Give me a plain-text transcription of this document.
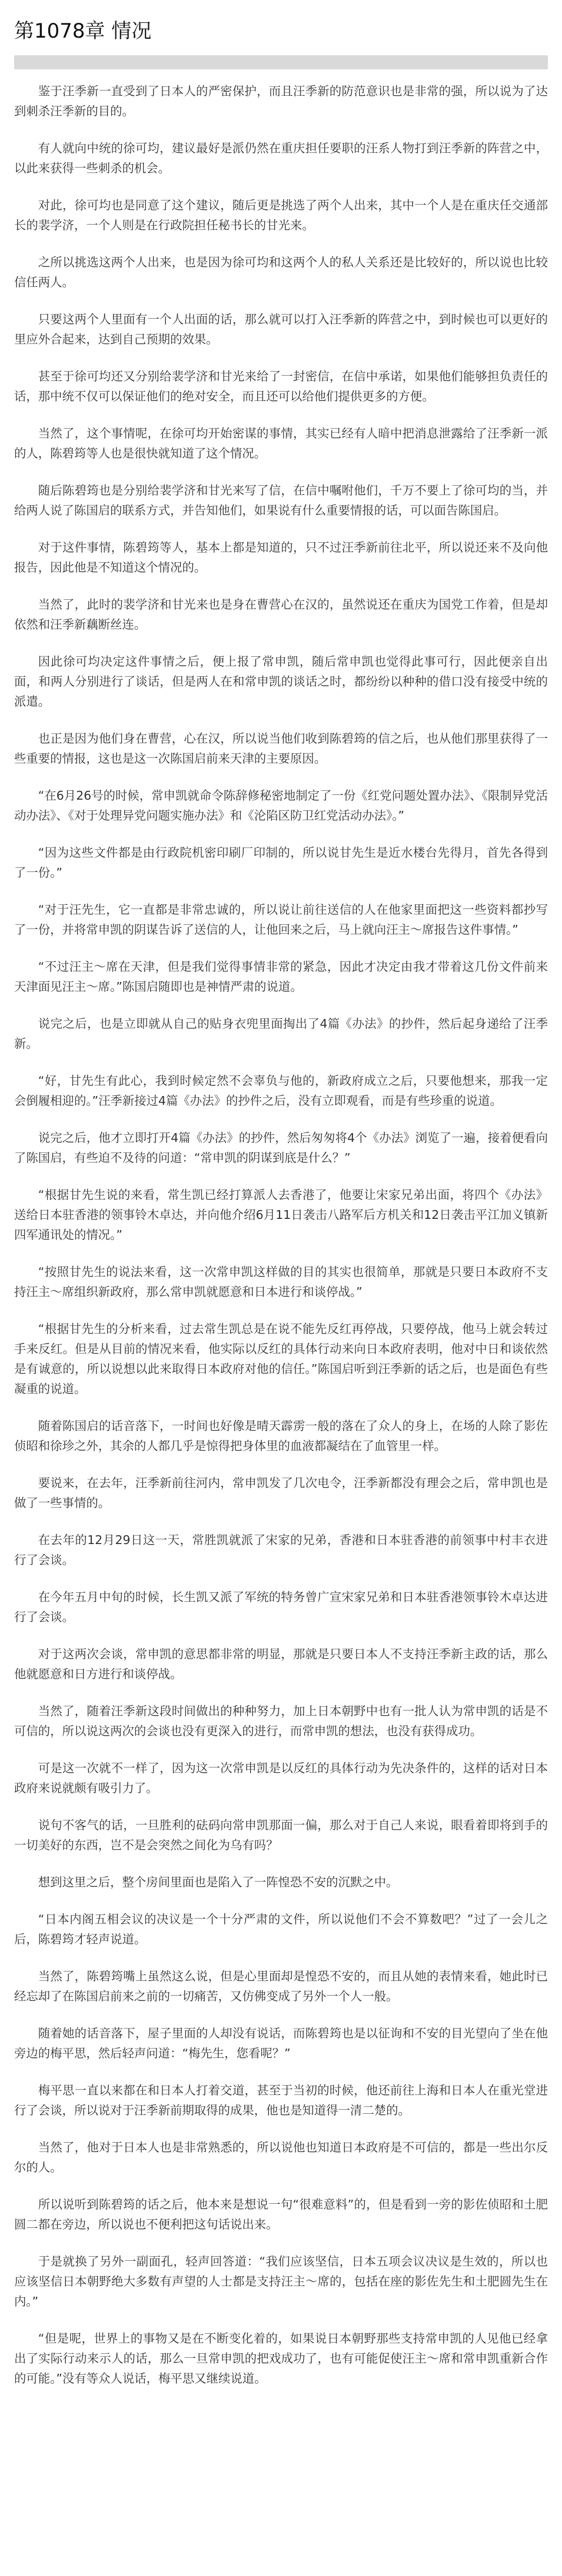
第1078章 情况

鉴于汪季新一直受到了日本人的严密保护，而且汪季新的防范意识也是非常的强，所以说为了达到刺杀汪季新的目的。

有人就向中统的徐可均，建议最好是派仍然在重庆担任要职的汪系人物打到汪季新的阵营之中，以此来获得一些刺杀的机会。

对此，徐可均也是同意了这个建议，随后更是挑选了两个人出来，其中一个人是在重庆任交通部长的裴学济，一个人则是在行政院担任秘书长的甘光来。

之所以挑选这两个人出来，也是因为徐可均和这两个人的私人关系还是比较好的，所以说也比较信任两人。

只要这两个人里面有一个人出面的话，那么就可以打入汪季新的阵营之中，到时候也可以更好的里应外合起来，达到自己预期的效果。

甚至于徐可均还又分别给裴学济和甘光来给了一封密信，在信中承诺，如果他们能够担负责任的话，那中统不仅可以保证他们的绝对安全，而且还可以给他们提供更多的方便。

当然了，这个事情呢，在徐可均开始密谋的事情，其实已经有人暗中把消息泄露给了汪季新一派的人，陈碧筠等人也是很快就知道了这个情况。

随后陈碧筠也是分别给裴学济和甘光来写了信，在信中嘱咐他们，千万不要上了徐可均的当，并给两人说了陈国启的联系方式，并告知他们，如果说有什么重要情报的话，可以面告陈国启。

对于这件事情，陈碧筠等人，基本上都是知道的，只不过汪季新前往北平，所以说还来不及向他报告，因此他是不知道这个情况的。

当然了，此时的裴学济和甘光来也是身在曹营心在汉的，虽然说还在重庆为国党工作着，但是却依然和汪季新藕断丝连。

因此徐可均决定这件事情之后，便上报了常申凯，随后常申凯也觉得此事可行，因此便亲自出面，和两人分别进行了谈话，但是两人在和常申凯的谈话之时，都纷纷以种种的借口没有接受中统的派遣。

也正是因为他们身在曹营，心在汉，所以说当他们收到陈碧筠的信之后，也从他们那里获得了一些重要的情报，这也是这一次陈国启前来天津的主要原因。

“在6月26号的时候，常申凯就命令陈辞修秘密地制定了一份《红党问题处置办法》、《限制异党活动办法》、《对于处理异党问题实施办法》和《沦陷区防卫红党活动办法》。”

“因为这些文件都是由行政院机密印刷厂印制的，所以说甘先生是近水楼台先得月，首先各得到了一份。”

“对于汪先生，它一直都是非常忠诚的，所以说让前往送信的人在他家里面把这一些资料都抄写了一份，并将常申凯的阴谋告诉了送信的人，让他回来之后，马上就向汪主～席报告这件事情。”

“不过汪主～席在天津，但是我们觉得事情非常的紧急，因此才决定由我才带着这几份文件前来天津面见汪主～席。”陈国启随即也是神情严肃的说道。

说完之后，也是立即就从自己的贴身衣兜里面掏出了4篇《办法》的抄件，然后起身递给了汪季新。

“好，甘先生有此心，我到时候定然不会辜负与他的，新政府成立之后，只要他想来，那我一定会倒履相迎的。”汪季新接过4篇《办法》的抄件之后，没有立即观看，而是有些珍重的说道。

说完之后，他才立即打开4篇《办法》的抄件，然后匆匆将4个《办法》浏览了一遍，接着便看向了陈国启，有些迫不及待的问道：“常申凯的阴谋到底是什么？”

“根据甘先生说的来看，常生凯已经打算派人去香港了，他要让宋家兄弟出面，将四个《办法》送给日本驻香港的领事铃木卓达，并向他介绍6月11日袭击八路军后方机关和12日袭击平江加义镇新四军通讯处的情况。”

“按照甘先生的说法来看，这一次常申凯这样做的目的其实也很简单，那就是只要日本政府不支持汪主～席组织新政府，那么常申凯就愿意和日本进行和谈停战。”

“根据甘先生的分析来看，过去常生凯总是在说不能先反红再停战，只要停战，他马上就会转过手来反红。但是从目前的情况来看，他实际以反红的具体行动来向日本政府表明，他对中日和谈依然是有诚意的，所以说想以此来取得日本政府对他的信任。”陈国启听到汪季新的话之后，也是面色有些凝重的说道。

随着陈国启的话音落下，一时间也好像是晴天霹雳一般的落在了众人的身上，在场的人除了影佐侦昭和徐珍之外，其余的人都几乎是惊得把身体里的血液都凝结在了血管里一样。

要说来，在去年，汪季新前往河内，常申凯发了几次电令，汪季新都没有理会之后，常申凯也是做了一些事情的。

在去年的12月29日这一天，常胜凯就派了宋家的兄弟，香港和日本驻香港的前领事中村丰衣进行了会谈。

在今年五月中旬的时候，长生凯又派了军统的特务曾广宣宋家兄弟和日本驻香港领事铃木卓达进行了会谈。

对于这两次会谈，常申凯的意思都非常的明显，那就是只要日本人不支持汪季新主政的话，那么他就愿意和日方进行和谈停战。

当然了，随着汪季新这段时间做出的种种努力，加上日本朝野中也有一批人认为常申凯的话是不可信的，所以说这两次的会谈也没有更深入的进行，而常申凯的想法，也没有获得成功。

可是这一次就不一样了，因为这一次常申凯是以反红的具体行动为先决条件的，这样的话对日本政府来说就颇有吸引力了。

说句不客气的话，一旦胜利的砝码向常申凯那面一偏，那么对于自己人来说，眼看着即将到手的一切美好的东西，岂不是会突然之间化为乌有吗？

想到这里之后，整个房间里面也是陷入了一阵惶恐不安的沉默之中。

“日本内阁五相会议的决议是一个十分严肃的文件，所以说他们不会不算数吧？”过了一会儿之后，陈碧筠才轻声说道。

当然了，陈碧筠嘴上虽然这么说，但是心里面却是惶恐不安的，而且从她的表情来看，她此时已经忘却了在陈国启前来之前的一切痛苦，又仿佛变成了另外一个人一般。

随着她的话音落下，屋子里面的人却没有说话，而陈碧筠也是以征询和不安的目光望向了坐在他旁边的梅平思，然后轻声问道：“梅先生，您看呢？”

梅平思一直以来都在和日本人打着交道，甚至于当初的时候，他还前往上海和日本人在重光堂进行了会谈，所以说对于汪季新前期取得的成果，他也是知道得一清二楚的。

当然了，他对于日本人也是非常熟悉的，所以说他也知道日本政府是不可信的，都是一些出尔反尔的人。

所以说听到陈碧筠的话之后，他本来是想说一句“很难意料”的，但是看到一旁的影佐侦昭和土肥圆二都在旁边，所以说也不便利把这句话说出来。

于是就换了另外一副面孔，轻声回答道：“我们应该坚信，日本五项会议决议是生效的，所以也应该坚信日本朝野绝大多数有声望的人士都是支持汪主～席的，包括在座的影佐先生和土肥圆先生在内。”

“但是呢，世界上的事物又是在不断变化着的，如果说日本朝野那些支持常申凯的人见他已经拿出了实际行动来示人的话，那么一旦常申凯的把戏成功了，也有可能促使汪主～席和常申凯重新合作的可能。”没有等众人说话，梅平思又继续说道。
